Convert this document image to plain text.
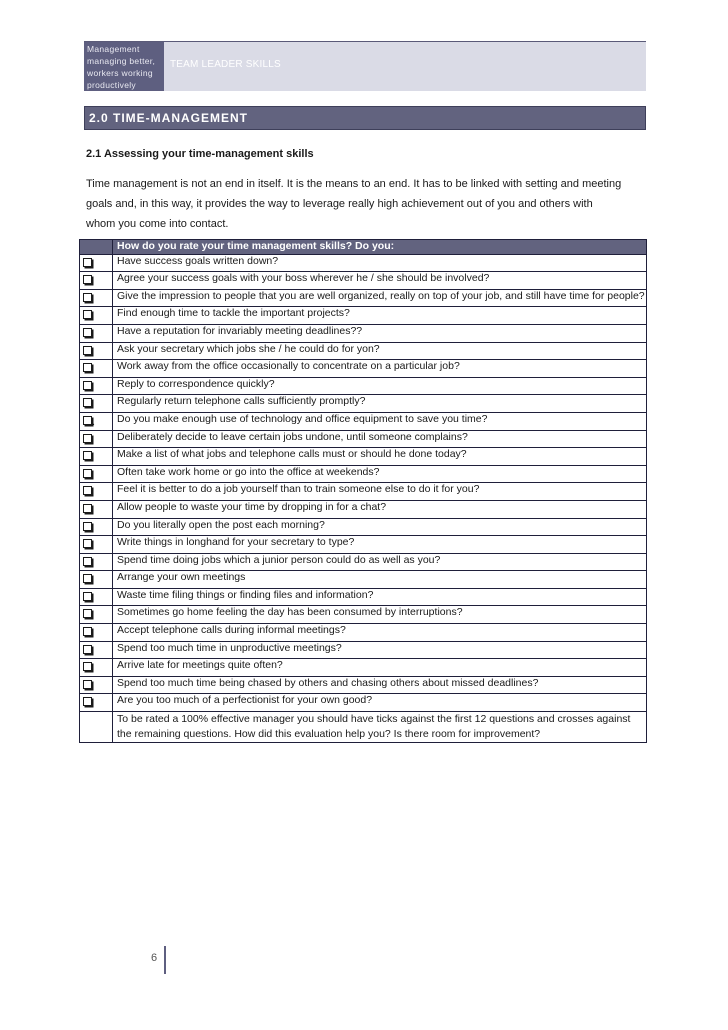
Management
managing better,
workers working
productively
TEAM LEADER SKILLS
2.0 TIME-MANAGEMENT
2.1 Assessing your time-management skills
Time management is not an end in itself. It is the means to an end. It has to be linked with setting and meeting
goals and, in this way, it provides the way to leverage really high achievement out of you and others with
whom you come into contact.
	How do you rate your time management skills? Do you:
	Have success goals written down?
	Agree your success goals with your boss wherever he / she should be involved?
	Give the impression to people that you are well organized, really on top of your job, and still have time for people?
	Find enough time to tackle the important projects?
	Have a reputation for invariably meeting deadlines??
	Ask your secretary which jobs she / he could do for yon?
	Work away from the office occasionally to concentrate on a particular job?
	Reply to correspondence quickly?
	Regularly return telephone calls sufficiently promptly?
.	Do you make enough use of technology and office equipment to save you time?
	Deliberately decide to leave certain jobs undone, until someone complains?
	Make a list of what jobs and telephone calls must or should he done today?
	Often take work home or go into the office at weekends?
	Feel it is better to do a job yourself than to train someone else to do it for you?
	Allow people to waste your time by dropping in for a chat?
	Do you literally open the post each morning?
	Write things in longhand for your secretary to type?
	Spend time doing jobs which a junior person could do as well as you?
	Arrange your own meetings
	Waste time filing things or finding files and information?
	Sometimes go home feeling the day has been consumed by interruptions?
	Accept telephone calls during informal meetings?
	Spend too much time in unproductive meetings?
	Arrive late for meetings quite often?
	Spend too much time being chased by others and chasing others about missed deadlines?
	Are you too much of a perfectionist for your own good?
	To be rated a 100% effective manager you should have ticks against the first 12 questions and crosses against the remaining questions. How did this evaluation help you? Is there room for improvement?
6
